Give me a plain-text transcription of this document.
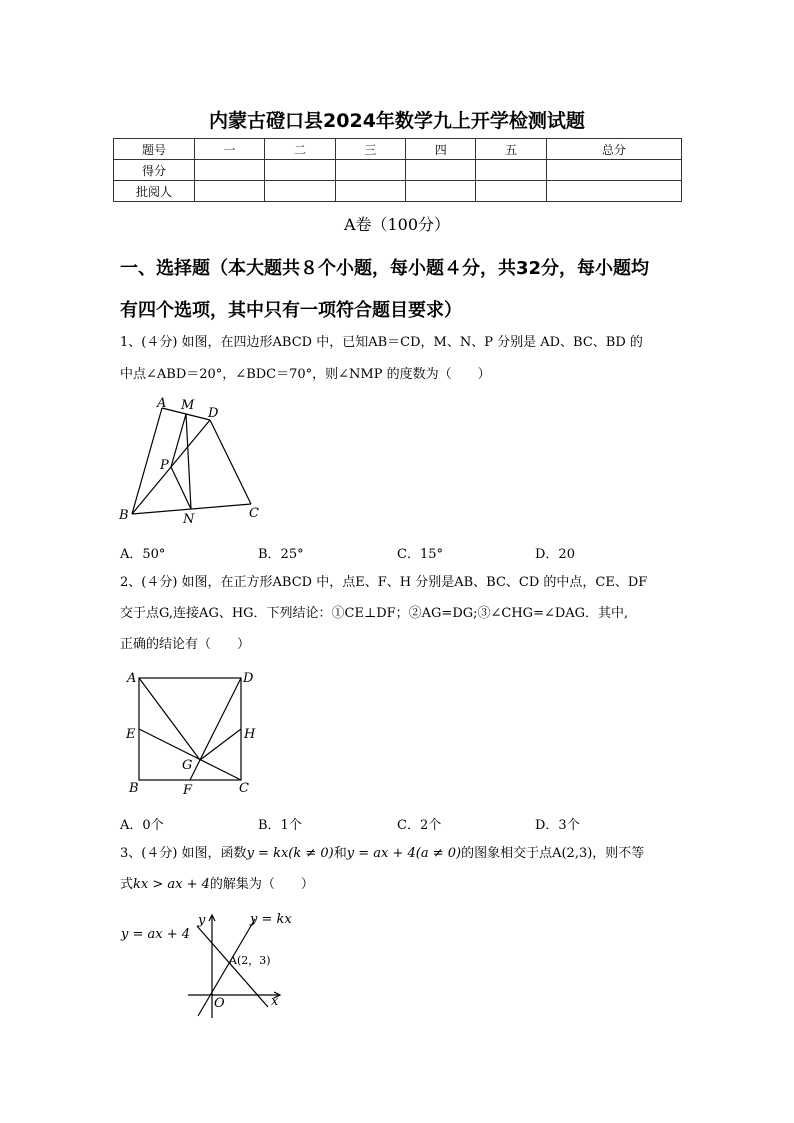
内蒙古磴口县2024年数学九上开学检测试题
题号	一	二	三	四	五	总分
得分						
批阅人						
A卷（100分）
一、选择题（本大题共８个小题，每小题４分，共32分，每小题均
有四个选项，其中只有一项符合题目要求）
1、(４分) 如图，在四边形ABCD 中，已知AB＝CD，M、N、P 分别是 AD、BC、BD 的
中点∠ABD＝20°，∠BDC＝70°，则∠NMP 的度数为（　　）
A M
D
P
B	N	C
A．50°	B．25°	C．15°	D．20
2、(４分) 如图，在正方形ABCD 中，点E、F、H 分别是AB、BC、CD 的中点，CE、DF
交于点G,连接AG、HG．下列结论：①CE⊥DF；②AG=DG;③∠CHG=∠DAG．其中,
正确的结论有（　　）
A	D
E	H
G
B	F	C
A．0个	B．1个	C．2个	D．3个
3、(４分) 如图，函数y = kx(k ≠ 0)和y = ax + 4(a ≠ 0)的图象相交于点A(2,3)，则不等
式kx > ax + 4的解集为（　　）
y = ax + 4
y = kx
y
x
O
A(2，3)
